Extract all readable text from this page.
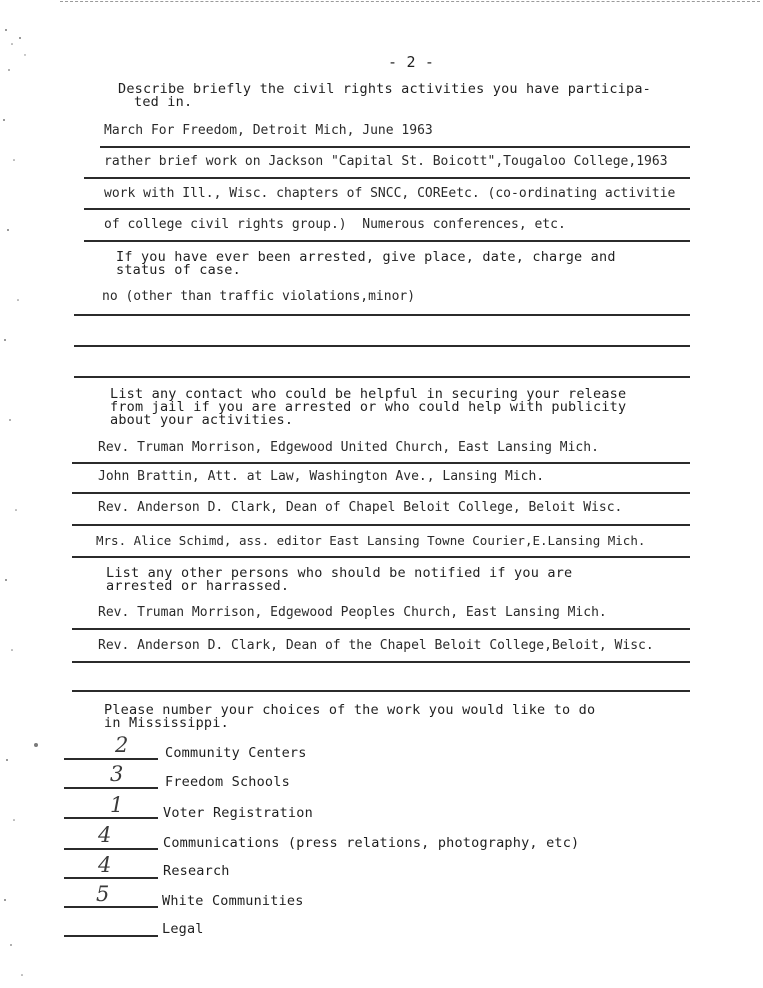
- 2 -
Describe briefly the civil rights activities you have participa-
ted in.
March For Freedom, Detroit Mich, June 1963
rather brief work on Jackson "Capital St. Boicott",Tougaloo College,1963
work with Ill., Wisc. chapters of SNCC, COREetc. (co-ordinating activitie
of college civil rights group.)  Numerous conferences, etc.
If you have ever been arrested, give place, date, charge and
status of case.
no (other than traffic violations,minor)
List any contact who could be helpful in securing your release
from jail if you are arrested or who could help with publicity
about your activities.
Rev. Truman Morrison, Edgewood United Church, East Lansing Mich.
John Brattin, Att. at Law, Washington Ave., Lansing Mich.
Rev. Anderson D. Clark, Dean of Chapel Beloit College, Beloit Wisc.
Mrs. Alice Schimd, ass. editor East Lansing Towne Courier,E.Lansing Mich.
List any other persons who should be notified if you are
arrested or harrassed.
Rev. Truman Morrison, Edgewood Peoples Church, East Lansing Mich.
Rev. Anderson D. Clark, Dean of the Chapel Beloit College,Beloit, Wisc.
Please number your choices of the work you would like to do
in Mississippi.
2	Community Centers
3	Freedom Schools
1	Voter Registration
4	Communications (press relations, photography, etc)
4	Research
5	White Communities
Legal
